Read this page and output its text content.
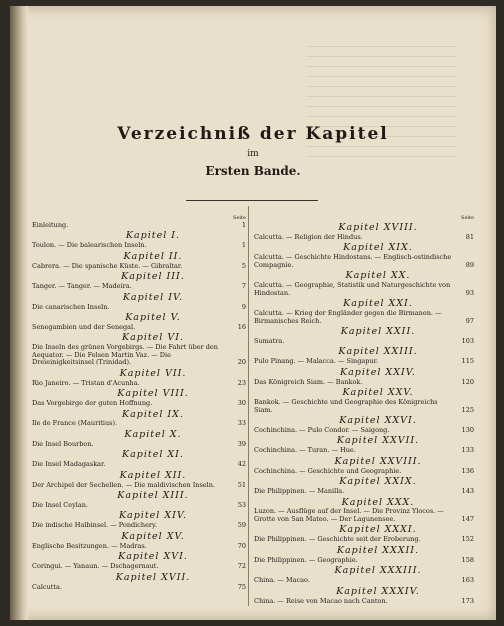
Verzeichniß der Kapitel
im
Ersten Bande.
Seite
Einleitung.	1
Kapitel I.
Toulon. — Die balearischen Inseln.	1
Kapitel II.
Cabrera. — Die spanische Küste. — Gibraltar.	5
Kapitel III.
Tanger. — Tanger. — Madeira.	7
Kapitel IV.
Die canarischen Inseln.	9
Kapitel V.
Senegambien und der Senegal.	16
Kapitel VI.
Die Inseln des grünen Vorgebirgs. — Die Fahrt über den Aequator. — Die Felsen Martin Vaz. — Die Dreieinigkeitsinsel (Trinidad).	20
Kapitel VII.
Rio Janeiro. — Tristan d'Acunha.	23
Kapitel VIII.
Das Vorgebirge der guten Hoffnung.	30
Kapitel IX.
Ile de France (Mauritius).	33
Kapitel X.
Die Insel Bourbon.	39
Kapitel XI.
Die Insel Madagaskar.	42
Kapitel XII.
Der Archipel der Sechellen. — Die maldivischen Inseln.	51
Kapitel XIII.
Die Insel Ceylan.	53
Kapitel XIV.
Die indische Halbinsel. — Pondichery.	59
Kapitel XV.
Englische Besitzungen. — Madras.	70
Kapitel XVI.
Coringui. — Yanaun. — Dschagernaut.	72
Kapitel XVII.
Calcutta.	75
Seite
Kapitel XVIII.
Calcutta. — Religion der Hindus.	81
Kapitel XIX.
Calcutta. — Geschichte Hindostans. — Englisch-ostindische Compagnie.	89
Kapitel XX.
Calcutta. — Geographie, Statistik und Naturgeschichte von Hindostan.	93
Kapitel XXI.
Calcutta. — Krieg der Engländer gegen die Birmanen. — Birmanisches Reich.	97
Kapitel XXII.
Sumatra.	103
Kapitel XXIII.
Pulo Pinang. — Malacca. — Singapur.	115
Kapitel XXIV.
Das Königreich Siam. — Bankok.	120
Kapitel XXV.
Bankok. — Geschichte und Geographie des Königreichs Siam.	125
Kapitel XXVI.
Cochinchina. — Pulo Condor. — Saigong.	130
Kapitel XXVII.
Cochinchina. — Turan. — Hue.	133
Kapitel XXVIII.
Cochinchina. — Geschichte und Geographie.	136
Kapitel XXIX.
Die Philippinen. — Manilla.	143
Kapitel XXX.
Luzon. — Ausflüge auf der Insel. — Die Provinz Ylocos. — Grotte von San Mateo. — Der Lagunensee.	147
Kapitel XXXI.
Die Philippinen. — Geschichte seit der Eroberung.	152
Kapitel XXXII.
Die Philippinen. — Geographie.	158
Kapitel XXXIII.
China. — Macao.	163
Kapitel XXXIV.
China. — Reise von Macao nach Canton.	173
